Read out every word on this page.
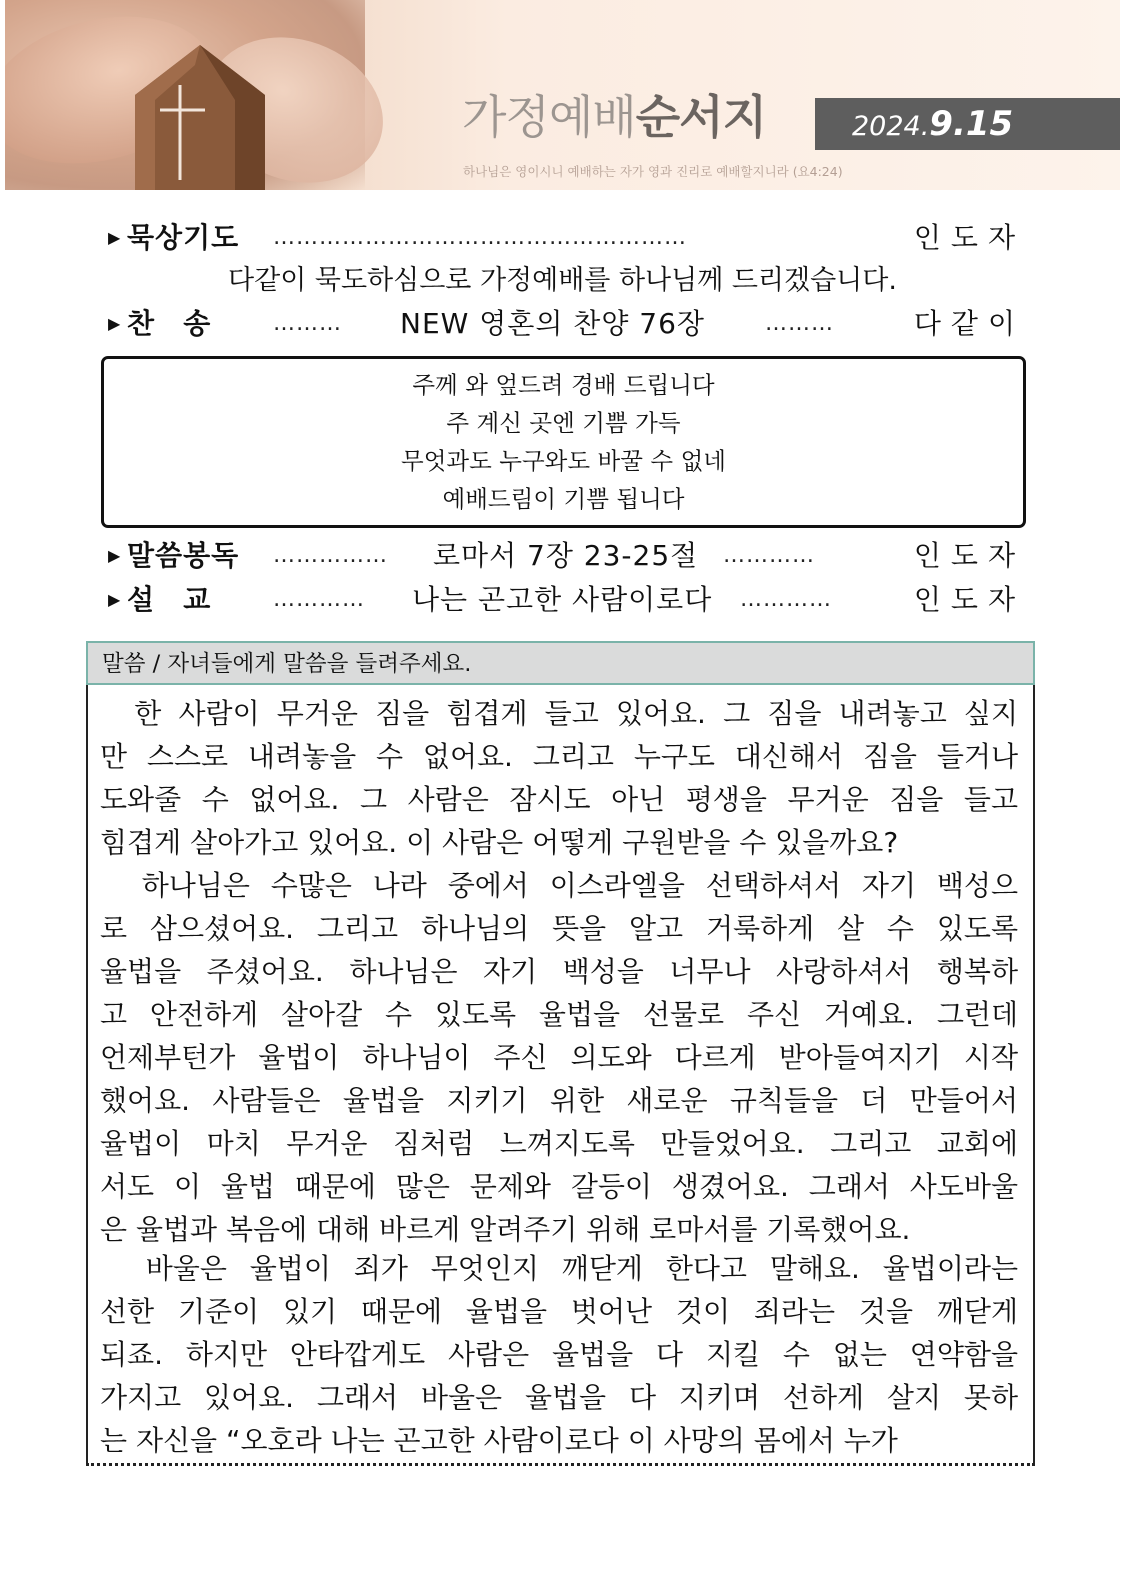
가정예배순서지	2024.9.15
하나님은 영이시니 예배하는 자가 영과 진리로 예배할지니라 (요4:24)
▶ 묵상기도 ………………………………………………	인도자
다같이 묵도하심으로 가정예배를 하나님께 드리겠습니다.
▶ 찬   송	……… NEW 영혼의 찬양 76장	………	다같이
주께 와 엎드려 경배 드립니다
주 계신 곳엔 기쁨 가득
무엇과도 누구와도 바꿀 수 없네
예배드림이 기쁨 됩니다
▶ 말씀봉독 …………… 로마서 7장 23-25절 …………	인도자
▶ 설   교	………… 나는 곤고한 사람이로다 …………	인도자
말씀 / 자녀들에게 말씀을 들려주세요.
한 사람이 무거운 짐을 힘겹게 들고 있어요. 그 짐을 내려놓고 싶지
만 스스로 내려놓을 수 없어요. 그리고 누구도 대신해서 짐을 들거나
도와줄 수 없어요. 그 사람은 잠시도 아닌 평생을 무거운 짐을 들고
힘겹게 살아가고 있어요. 이 사람은 어떻게 구원받을 수 있을까요?
하나님은 수많은 나라 중에서 이스라엘을 선택하셔서 자기 백성으
로 삼으셨어요. 그리고 하나님의 뜻을 알고 거룩하게 살 수 있도록
율법을 주셨어요. 하나님은 자기 백성을 너무나 사랑하셔서 행복하
고 안전하게 살아갈 수 있도록 율법을 선물로 주신 거예요. 그런데
언제부턴가 율법이 하나님이 주신 의도와 다르게 받아들여지기 시작
했어요. 사람들은 율법을 지키기 위한 새로운 규칙들을 더 만들어서
율법이 마치 무거운 짐처럼 느껴지도록 만들었어요. 그리고 교회에
서도 이 율법 때문에 많은 문제와 갈등이 생겼어요. 그래서 사도바울
은 율법과 복음에 대해 바르게 알려주기 위해 로마서를 기록했어요.
바울은 율법이 죄가 무엇인지 깨닫게 한다고 말해요. 율법이라는
선한 기준이 있기 때문에 율법을 벗어난 것이 죄라는 것을 깨닫게
되죠. 하지만 안타깝게도 사람은 율법을 다 지킬 수 없는 연약함을
가지고 있어요. 그래서 바울은 율법을 다 지키며 선하게 살지 못하
는 자신을 “오호라 나는 곤고한 사람이로다 이 사망의 몸에서 누가
